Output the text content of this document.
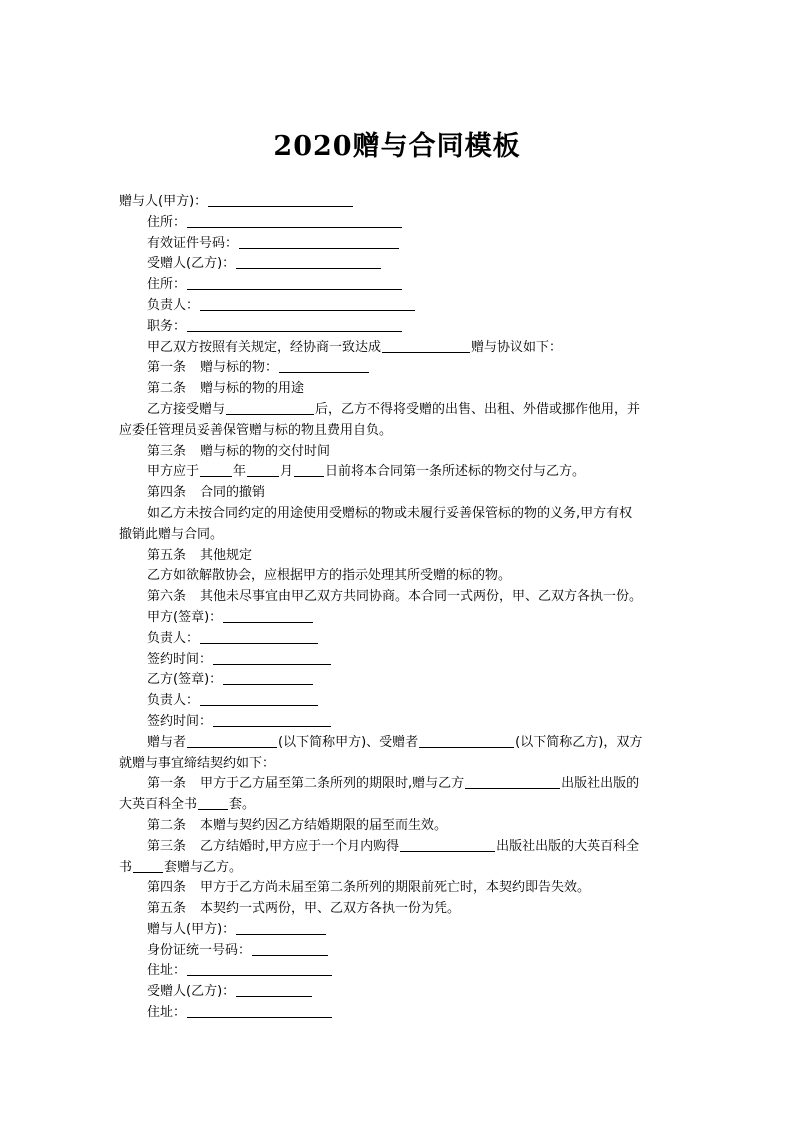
2020赠与合同模板
赠与人(甲方)：
住所：
有效证件号码：
受赠人(乙方)：
住所：
负责人：
职务：
甲乙双方按照有关规定，经协商一致达成	赠与协议如下：
第一条 赠与标的物：
第二条 赠与标的物的用途
乙方接受赠与	后，乙方不得将受赠的出售、出租、外借或挪作他用，并
应委任管理员妥善保管赠与标的物且费用自负。
第三条 赠与标的物的交付时间
甲方应于	年	月 日前将本合同第一条所述标的物交付与乙方。
第四条 合同的撤销
如乙方未按合同约定的用途使用受赠标的物或未履行妥善保管标的物的义务,甲方有权
撤销此赠与合同。
第五条 其他规定
乙方如欲解散协会，应根据甲方的指示处理其所受赠的标的物。
第六条 其他未尽事宜由甲乙双方共同协商。本合同一式两份，甲、乙双方各执一份。
甲方(签章)：
负责人：
签约时间：
乙方(签章)：
负责人：
签约时间：
赠与者	(以下简称甲方)、受赠者	(以下简称乙方)，双方
就赠与事宜缔结契约如下：
第一条 甲方于乙方届至第二条所列的期限时,赠与乙方	出版社出版的
大英百科全书 套。
第二条 本赠与契约因乙方结婚期限的届至而生效。
第三条 乙方结婚时,甲方应于一个月内购得	出版社出版的大英百科全
书 套赠与乙方。
第四条 甲方于乙方尚未届至第二条所列的期限前死亡时，本契约即告失效。
第五条 本契约一式两份，甲、乙双方各执一份为凭。
赠与人(甲方)：
身份证统一号码：
住址：
受赠人(乙方)：
住址：
